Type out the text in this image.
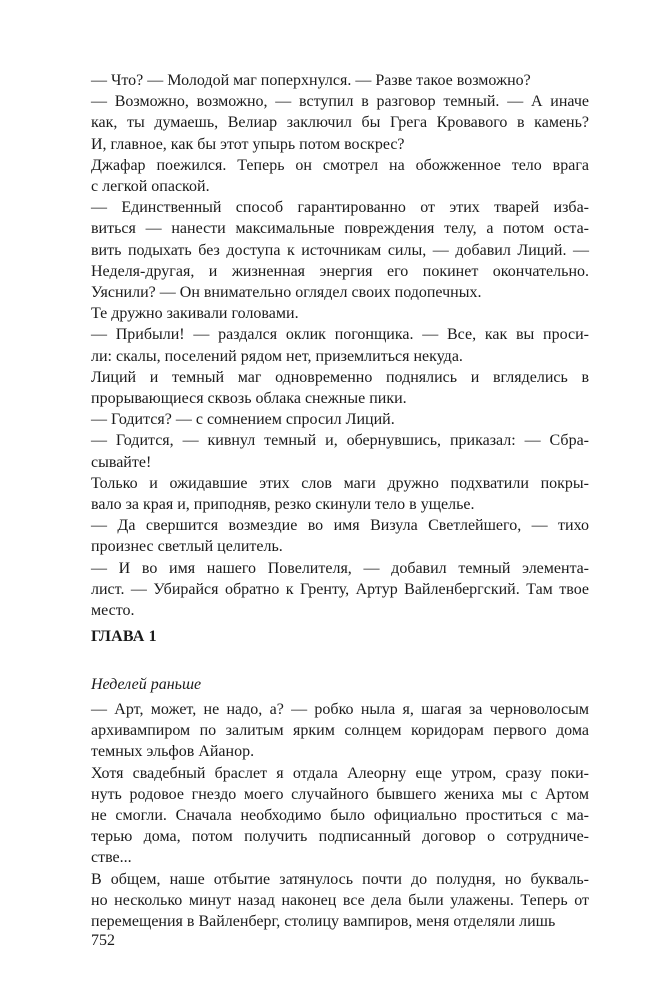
— Что? — Молодой маг поперхнулся. — Разве такое возможно?
— Возможно, возможно, — вступил в разговор темный. — А иначе
как, ты думаешь, Велиар заключил бы Грега Кровавого в камень?
И, главное, как бы этот упырь потом воскрес?
Джафар поежился. Теперь он смотрел на обожженное тело врага
с легкой опаской.
— Единственный способ гарантированно от этих тварей изба-
виться — нанести максимальные повреждения телу, а потом оста-
вить подыхать без доступа к источникам силы, — добавил Лиций. —
Неделя-другая, и жизненная энергия его покинет окончательно.
Уяснили? — Он внимательно оглядел своих подопечных.
Те дружно закивали головами.
— Прибыли! — раздался оклик погонщика. — Все, как вы проси-
ли: скалы, поселений рядом нет, приземлиться некуда.
Лиций и темный маг одновременно поднялись и вгляделись в
прорывающиеся сквозь облака снежные пики.
— Годится? — с сомнением спросил Лиций.
— Годится, — кивнул темный и, обернувшись, приказал: — Сбра-
сывайте!
Только и ожидавшие этих слов маги дружно подхватили покры-
вало за края и, приподняв, резко скинули тело в ущелье.
— Да свершится возмездие во имя Визула Светлейшего, — тихо
произнес светлый целитель.
— И во имя нашего Повелителя, — добавил темный элементa-
лист. — Убирайся обратно к Гренту, Артур Вайленбергский. Там твое
место.
ГЛАВА 1
Неделей раньше
— Арт, может, не надо, а? — робко ныла я, шагая за черноволосым
архивампиром по залитым ярким солнцем коридорам первого дома
темных эльфов Айанор.
Хотя свадебный браслет я отдала Алеорну еще утром, сразу поки-
нуть родовое гнездо моего случайного бывшего жениха мы с Артом
не смогли. Сначала необходимо было официально проститься с ма-
терью дома, потом получить подписанный договор о сотрудниче-
стве...
В общем, наше отбытие затянулось почти до полудня, но букваль-
но несколько минут назад наконец все дела были улажены. Теперь от
перемещения в Вайленберг, столицу вампиров, меня отделяли лишь
752
